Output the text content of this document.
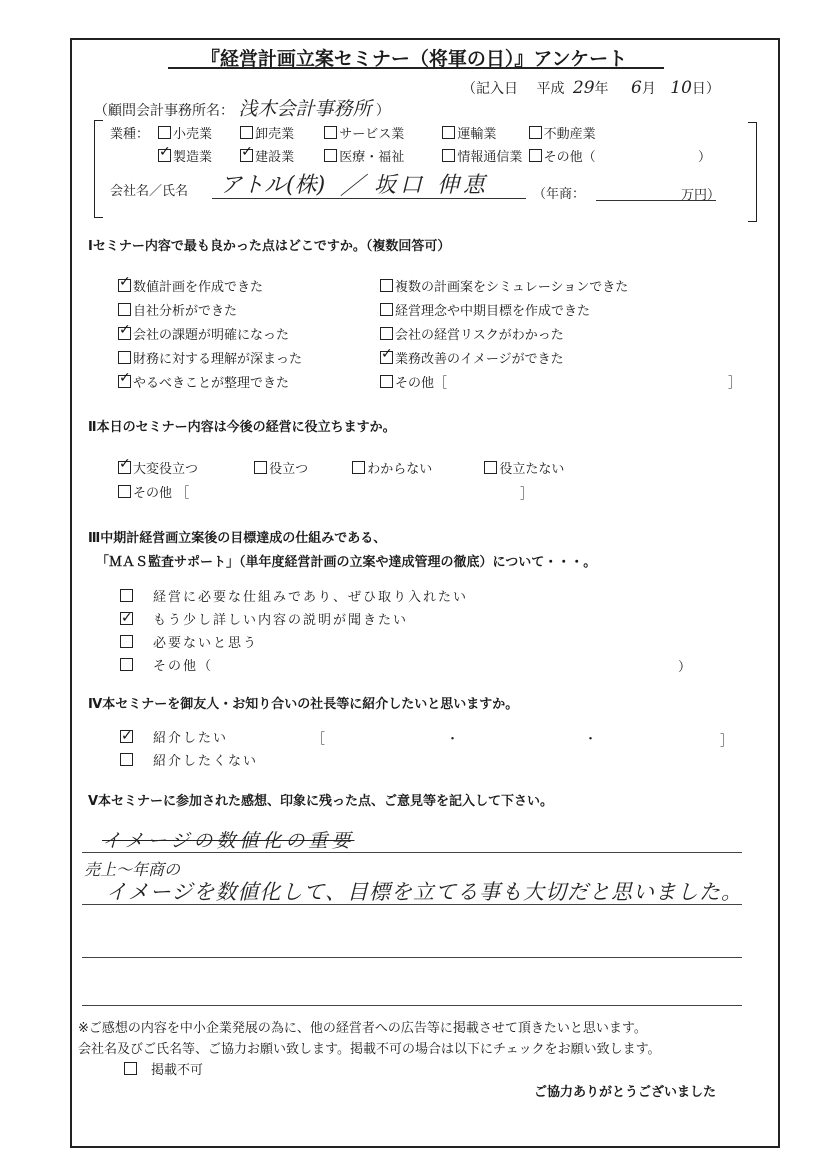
『経営計画立案セミナー（将軍の日）』アンケート
（記入日 平成 29年 6月 10日）
（顧問会計事務所名： 浅木会計事務所 ）
業種： 小売業
	卸売業
	サービス業
	運輸業
	不動産業
✓
製造業

✓	建設業
	医療・福祉
	情報通信業
その他（	）
会社名／氏名 アトル(株) ／ 坂口 伸恵	（年商：	万円）
Ⅰセミナー内容で最も良かった点はどこですか。（複数回答可）
✓
数値計画を作成できた

自社分析ができた

✓
会社の課題が明確になった

財務に対する理解が深まった

✓
やるべきことが整理できた
複数の計画案をシミュレーションできた

経営理念や中期目標を作成できた

会社の経営リスクがわかった

✓
業務改善のイメージができた

その他［	］
Ⅱ本日のセミナー内容は今後の経営に役立ちますか。
✓
大変役立つ
	役立つ
	わからない
	役立たない
その他 ［	］
Ⅲ中期計経営画立案後の目標達成の仕組みである、
「ＭＡＳ監査サポート」（単年度経営計画の立案や達成管理の徹底）について・・・。
経営に必要な仕組みであり、ぜひ取り入れたい
✓もう少し詳しい内容の説明が聞きたい
必要ないと思う
その他（	）
Ⅳ本セミナーを御友人・お知り合いの社長等に紹介したいと思いますか。
✓紹介したい
紹介したくない
［	・	・	］
Ⅴ本セミナーに参加された感想、印象に残った点、ご意見等を記入して下さい。
イメージの数値化の重要
売上〜年商の
イメージを数値化して、目標を立てる事も大切だと思いました。
※ご感想の内容を中小企業発展の為に、他の経営者への広告等に掲載させて頂きたいと思います。
会社名及びご氏名等、ご協力お願い致します。掲載不可の場合は以下にチェックをお願い致します。
掲載不可
ご協力ありがとうございました
